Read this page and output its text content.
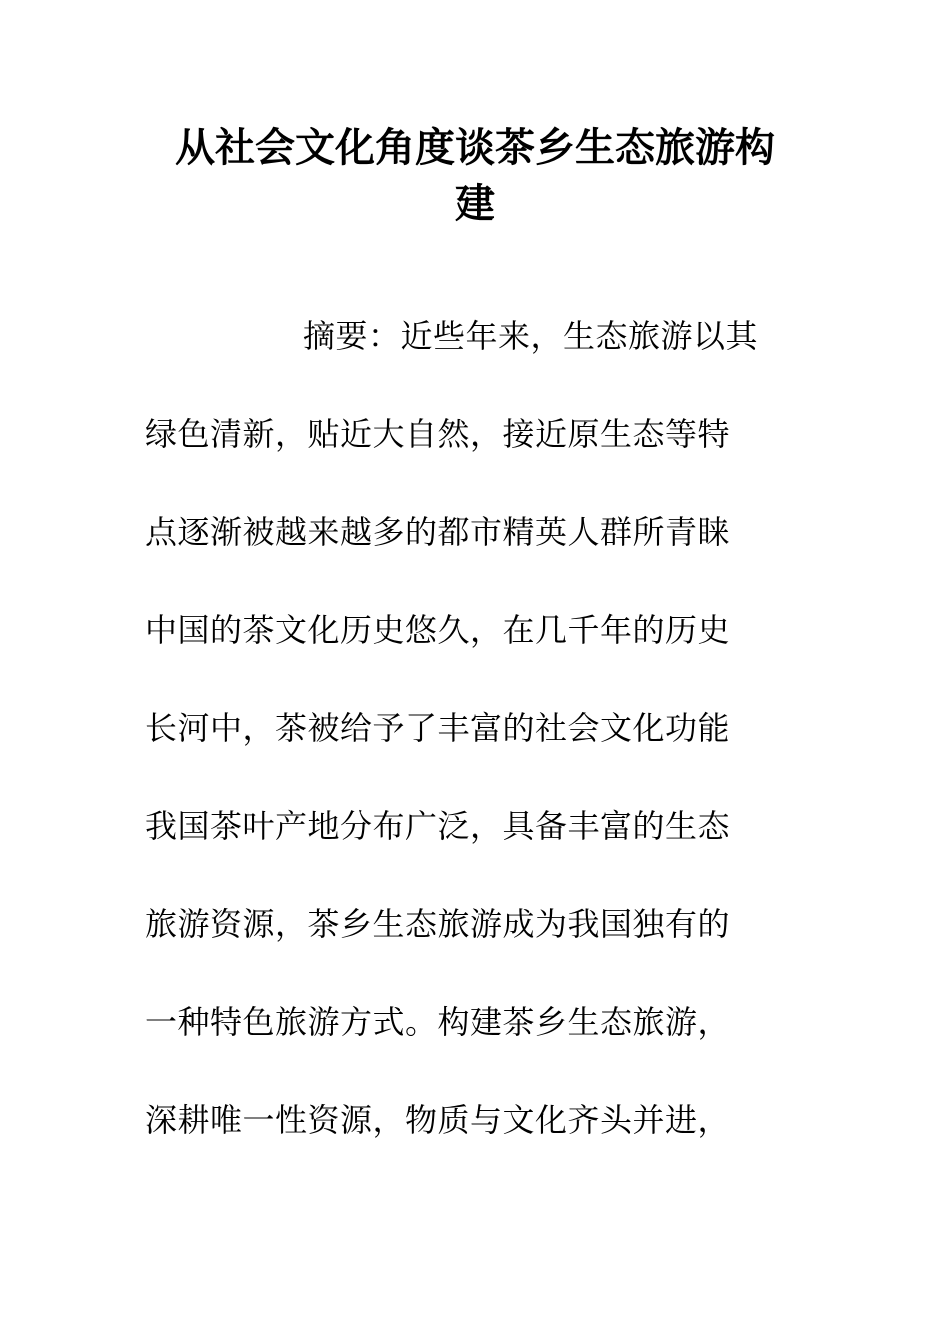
从社会文化角度谈茶乡生态旅游构
建
摘要：近些年来，生态旅游以其
绿色清新，贴近大自然，接近原生态等特
点逐渐被越来越多的都市精英人群所青睐
中国的茶文化历史悠久，在几千年的历史
长河中，茶被给予了丰富的社会文化功能
我国茶叶产地分布广泛，具备丰富的生态
旅游资源，茶乡生态旅游成为我国独有的
一种特色旅游方式。构建茶乡生态旅游，
深耕唯一性资源，物质与文化齐头并进，
